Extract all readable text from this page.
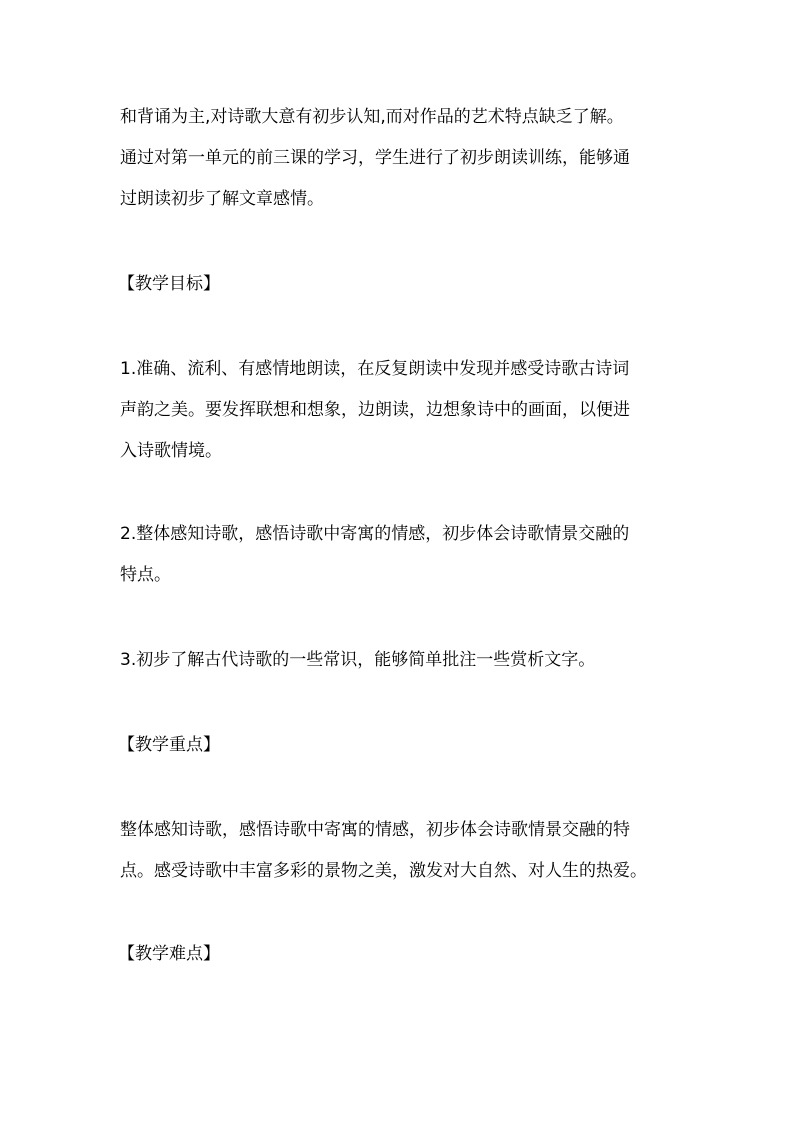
和背诵为主,对诗歌大意有初步认知,而对作品的艺术特点缺乏了解。
通过对第一单元的前三课的学习，学生进行了初步朗读训练，能够通
过朗读初步了解文章感情。
【教学目标】
1.准确、流利、有感情地朗读，在反复朗读中发现并感受诗歌古诗词
声韵之美。要发挥联想和想象，边朗读，边想象诗中的画面，以便进
入诗歌情境。
2.整体感知诗歌，感悟诗歌中寄寓的情感，初步体会诗歌情景交融的
特点。
3.初步了解古代诗歌的一些常识，能够简单批注一些赏析文字。
【教学重点】
整体感知诗歌，感悟诗歌中寄寓的情感，初步体会诗歌情景交融的特
点。感受诗歌中丰富多彩的景物之美，激发对大自然、对人生的热爱。
【教学难点】
